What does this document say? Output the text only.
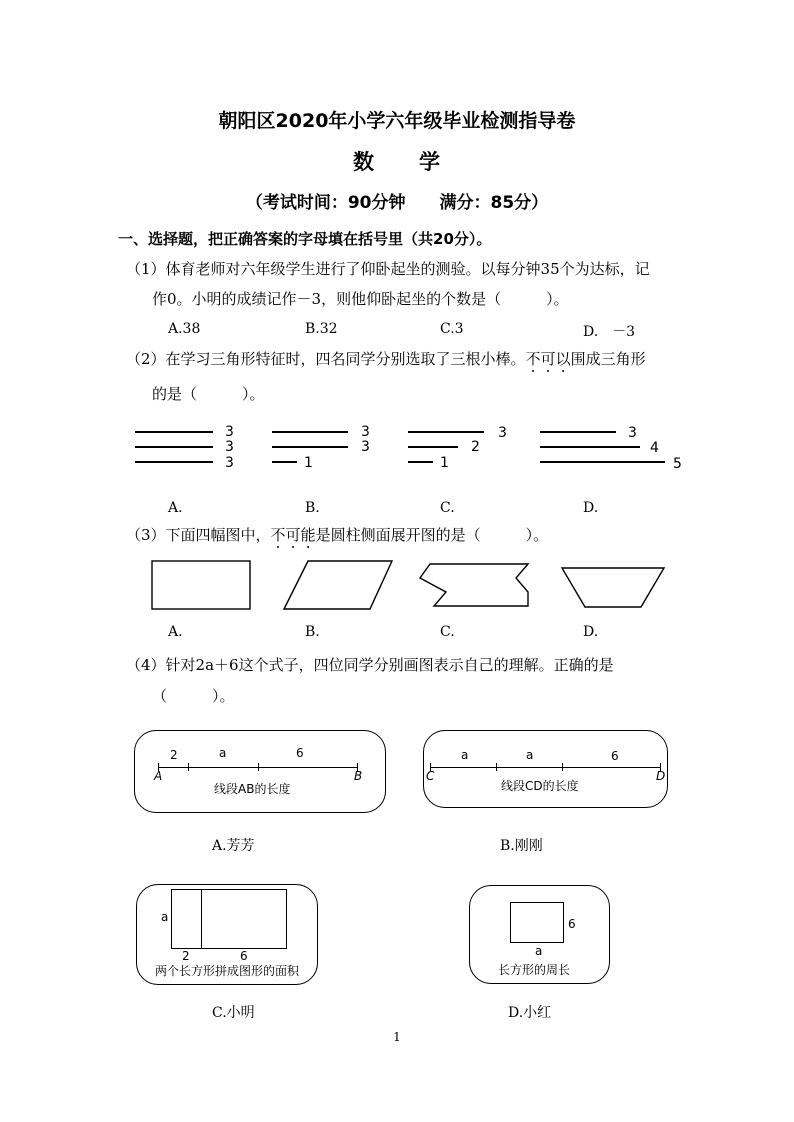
朝阳区2020年小学六年级毕业检测指导卷
数　　学
（考试时间：90分钟　　满分：85分）
一、选择题，把正确答案的字母填在括号里（共20分）。
（1）体育老师对六年级学生进行了仰卧起坐的测验。以每分钟35个为达标，记
作0。小明的成绩记作－3，则他仰卧起坐的个数是（　　　）。
A.38	B.32	C.3	D.　－3
（2）在学习三角形特征时，四名同学分别选取了三根小棒。不可以围成三角形
的是（　　　）。
3
3
3
3
3
1
3
2
1
3
4
5
A.	B.	C.	D.
（3）下面四幅图中，不可能是圆柱侧面展开图的是（　　　）。
A.	B.	C.	D.
（4）针对2a＋6这个式子，四位同学分别画图表示自己的理解。正确的是
（　　　）。
2	a	6
A	B
线段AB的长度
A.芳芳
a	a	6
C	D
线段CD的长度
B.刚刚
a
2	6
两个长方形拼成图形的面积
C.小明
6
a
长方形的周长
D.小红
1
